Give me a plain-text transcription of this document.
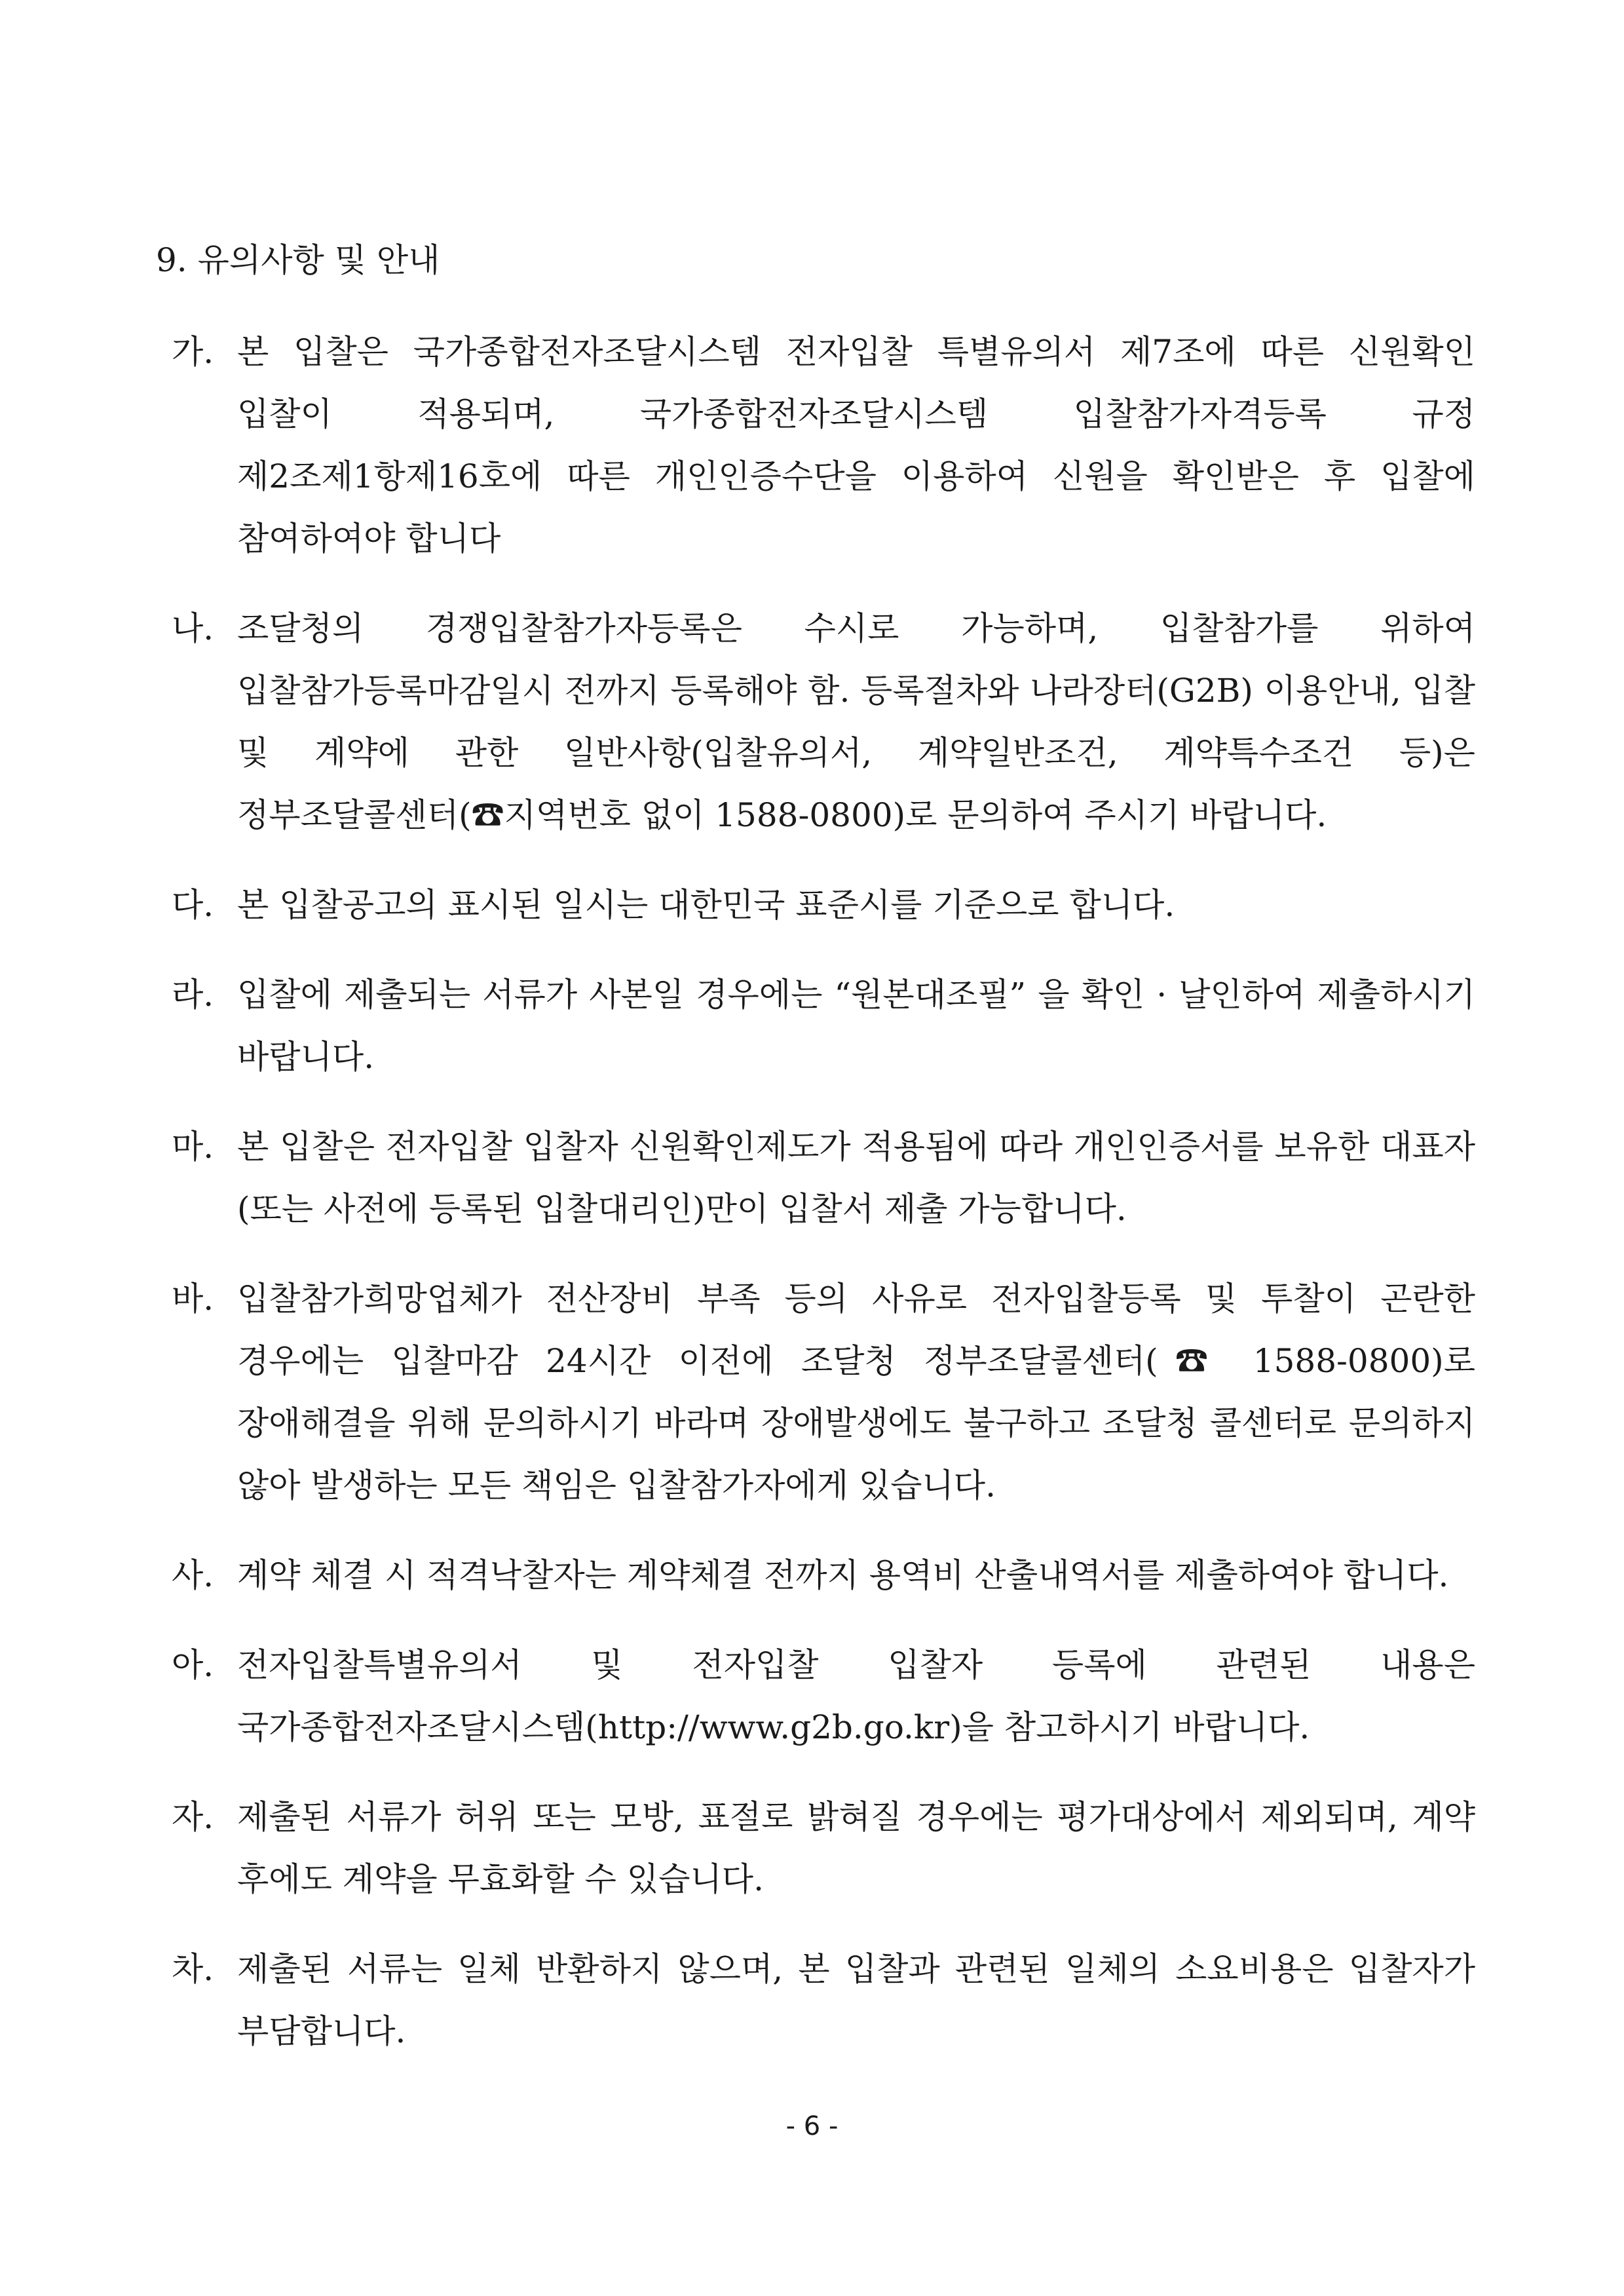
9. 유의사항 및 안내
가. 본 입찰은 국가종합전자조달시스템 전자입찰 특별유의서 제7조에 따른 신원확인 입찰이 적용되며, 국가종합전자조달시스템 입찰참가자격등록 규정 제2조제1항제16호에 따른 개인인증수단을 이용하여 신원을 확인받은 후 입찰에 참여하여야 합니다
나. 조달청의 경쟁입찰참가자등록은 수시로 가능하며, 입찰참가를 위하여 입찰참가등록마감일시 전까지 등록해야 함. 등록절차와 나라장터(G2B) 이용안내, 입찰 및 계약에 관한 일반사항(입찰유의서, 계약일반조건, 계약특수조건 등)은 정부조달콜센터(☎지역번호 없이 1588-0800)로 문의하여 주시기 바랍니다.
다. 본 입찰공고의 표시된 일시는 대한민국 표준시를 기준으로 합니다.
라. 입찰에 제출되는 서류가 사본일 경우에는 “원본대조필” 을 확인 · 날인하여 제출하시기 바랍니다.
마. 본 입찰은 전자입찰 입찰자 신원확인제도가 적용됨에 따라 개인인증서를 보유한 대표자(또는 사전에 등록된 입찰대리인)만이 입찰서 제출 가능합니다.
바. 입찰참가희망업체가 전산장비 부족 등의 사유로 전자입찰등록 및 투찰이 곤란한 경우에는 입찰마감 24시간 이전에 조달청 정부조달콜센터(☎ 1588-0800)로 장애해결을 위해 문의하시기 바라며 장애발생에도 불구하고 조달청 콜센터로 문의하지 않아 발생하는 모든 책임은 입찰참가자에게 있습니다.
사. 계약 체결 시 적격낙찰자는 계약체결 전까지 용역비 산출내역서를 제출하여야 합니다.
아. 전자입찰특별유의서 및 전자입찰 입찰자 등록에 관련된 내용은 국가종합전자조달시스템(http://www.g2b.go.kr)을 참고하시기 바랍니다.
자. 제출된 서류가 허위 또는 모방, 표절로 밝혀질 경우에는 평가대상에서 제외되며, 계약 후에도 계약을 무효화할 수 있습니다.
차. 제출된 서류는 일체 반환하지 않으며, 본 입찰과 관련된 일체의 소요비용은 입찰자가 부담합니다.
- 6 -
